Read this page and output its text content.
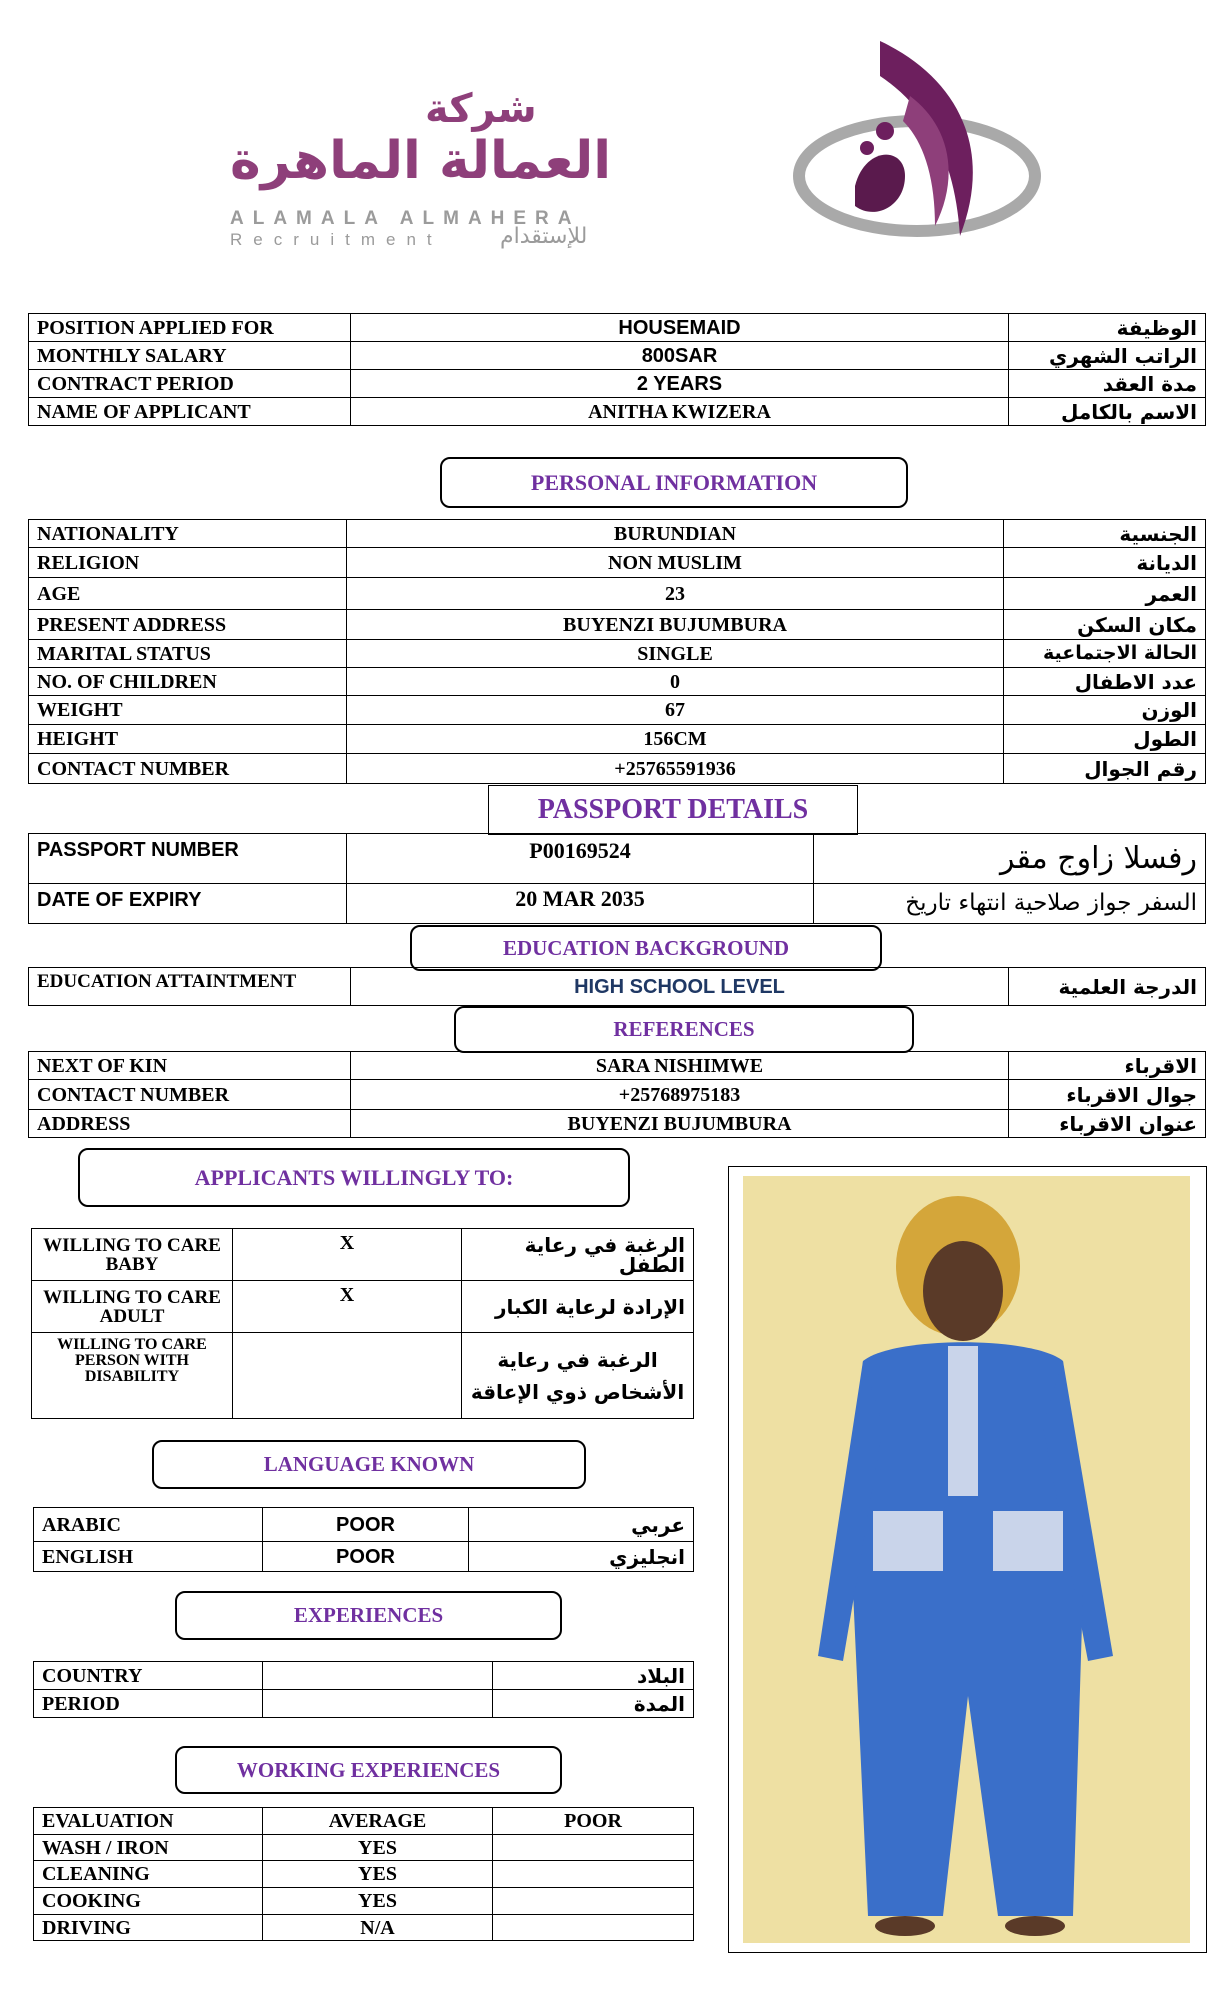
شركة
العمالة الماهرة
ALAMALA ALMAHERA
Recruitment	للإستقدام
POSITION APPLIED FOR	HOUSEMAID	الوظيفة
MONTHLY SALARY	800SAR	الراتب الشهري
CONTRACT PERIOD	2 YEARS	مدة العقد
NAME OF APPLICANT	ANITHA KWIZERA	الاسم بالكامل
PERSONAL INFORMATION
NATIONALITY	BURUNDIAN	الجنسية
RELIGION	NON MUSLIM	الديانة
AGE	23	العمر
PRESENT ADDRESS	BUYENZI BUJUMBURA	مكان السكن
MARITAL STATUS	SINGLE	الحالة الاجتماعية
NO. OF CHILDREN	0	عدد الاطفال
WEIGHT	67	الوزن
HEIGHT	156CM	الطول
CONTACT NUMBER	+25765591936	رقم الجوال
PASSPORT DETAILS
PASSPORT NUMBER	P00169524	رفسلا زاوج مقر
DATE OF EXPIRY	20 MAR 2035	السفر جواز صلاحية انتهاء تاريخ
EDUCATION BACKGROUND
EDUCATION ATTAINTMENT	HIGH SCHOOL LEVEL	الدرجة العلمية
REFERENCES
NEXT OF KIN	SARA NISHIMWE	الاقرباء
CONTACT NUMBER	+25768975183	جوال الاقرباء
ADDRESS	BUYENZI BUJUMBURA	عنوان الاقرباء
APPLICANTS WILLINGLY TO:
WILLING TO CARE BABY	X	الرغبة في رعاية الطفل
WILLING TO CARE ADULT	X	الإرادة لرعاية الكبار
WILLING TO CARE PERSON WITH DISABILITY		الرغبة في رعاية الأشخاص ذوي الإعاقة
LANGUAGE KNOWN
ARABIC	POOR	عربي
ENGLISH	POOR	انجليزي
EXPERIENCES
COUNTRY		البلاد
PERIOD		المدة
WORKING EXPERIENCES
EVALUATION	AVERAGE	POOR
WASH / IRON	YES	
CLEANING	YES	
COOKING	YES	
DRIVING	N/A	
